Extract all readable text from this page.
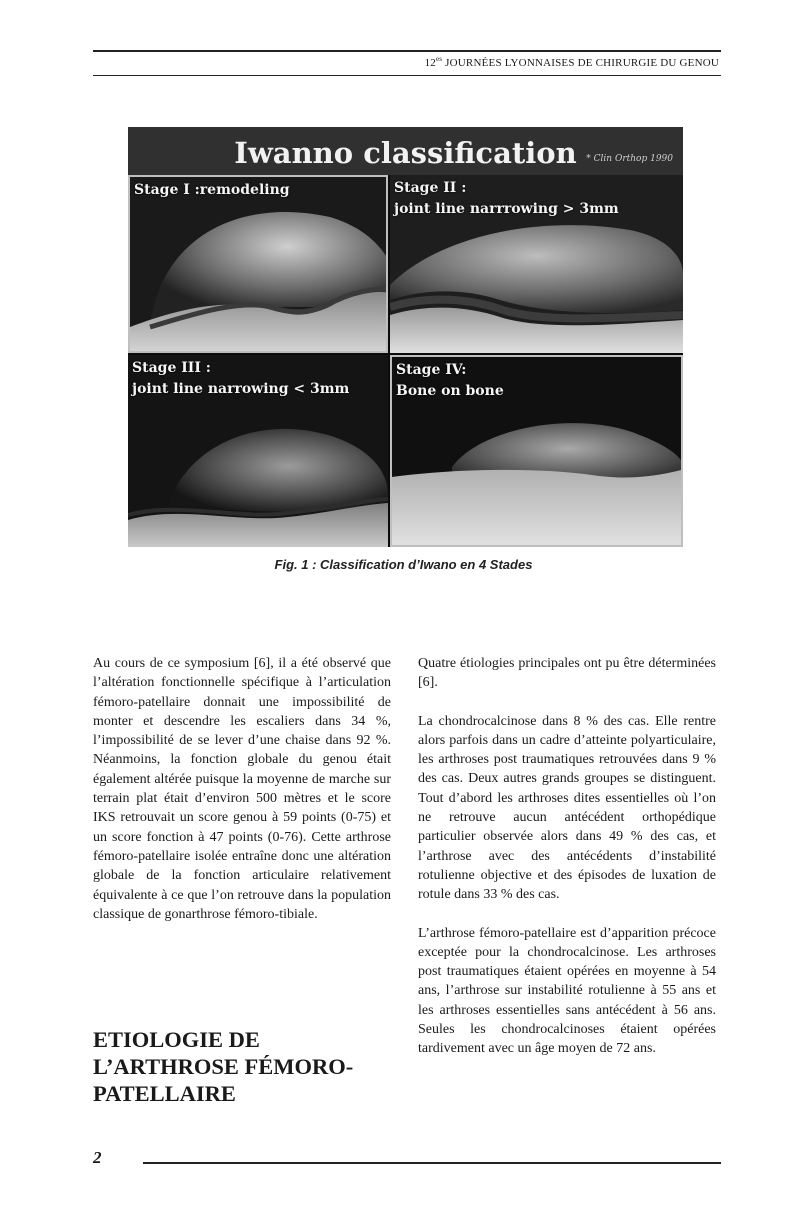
$12^{es}$ JOURNÉES LYONNAISES DE CHIRURGIE DU GENOU
Iwanno classification	* Clin Orthop 1990
Stage I :remodeling	Stage II :
joint line narrrowing > 3mm
Stage III :
joint line narrowing < 3mm
Stage IV:
Bone on bone
Fig. 1 : Classification d’Iwano en 4 Stades

Au cours de ce symposium [6], il a été observé que l’altération fonctionnelle spécifique à l’articulation fémoro-patellaire donnait une impossibilité de monter et descendre les escaliers dans 34 %, l’impossibilité de se lever d’une chaise dans 92 %. Néanmoins, la fonction globale du genou était également altérée puisque la moyenne de marche sur terrain plat était d’environ 500 mètres et le score IKS retrouvait un score genou à 59 points (0-75) et un score fonction à 47 points (0-76). Cette arthrose fémoro-patellaire isolée entraîne donc une altération globale de la fonction articulaire relativement équivalente à ce que l’on retrouve dans la population classique de gonarthrose fémoro-tibiale.

ETIOLOGIE DE
L’ARTHROSE FÉMORO-
PATELLAIRE

Quatre étiologies principales ont pu être déterminées [6].

La chondrocalcinose dans 8 % des cas. Elle rentre alors parfois dans un cadre d’atteinte polyarticulaire, les arthroses post traumatiques retrouvées dans 9 % des cas. Deux autres grands groupes se distinguent. Tout d’abord les arthroses dites essentielles où l’on ne retrouve aucun antécédent orthopédique particulier observée alors dans 49 % des cas, et l’arthrose avec des antécédents d’instabilité rotulienne objective et des épisodes de luxation de rotule dans 33 % des cas.

L’arthrose fémoro-patellaire est d’apparition précoce exceptée pour la chondrocalcinose. Les arthroses post traumatiques étaient opérées en moyenne à 54 ans, l’arthrose sur instabilité rotulienne à 55 ans et les arthroses essentielles sans antécédent à 56 ans. Seules les chondrocalcinoses étaient opérées tardivement avec un âge moyen de 72 ans.

2
